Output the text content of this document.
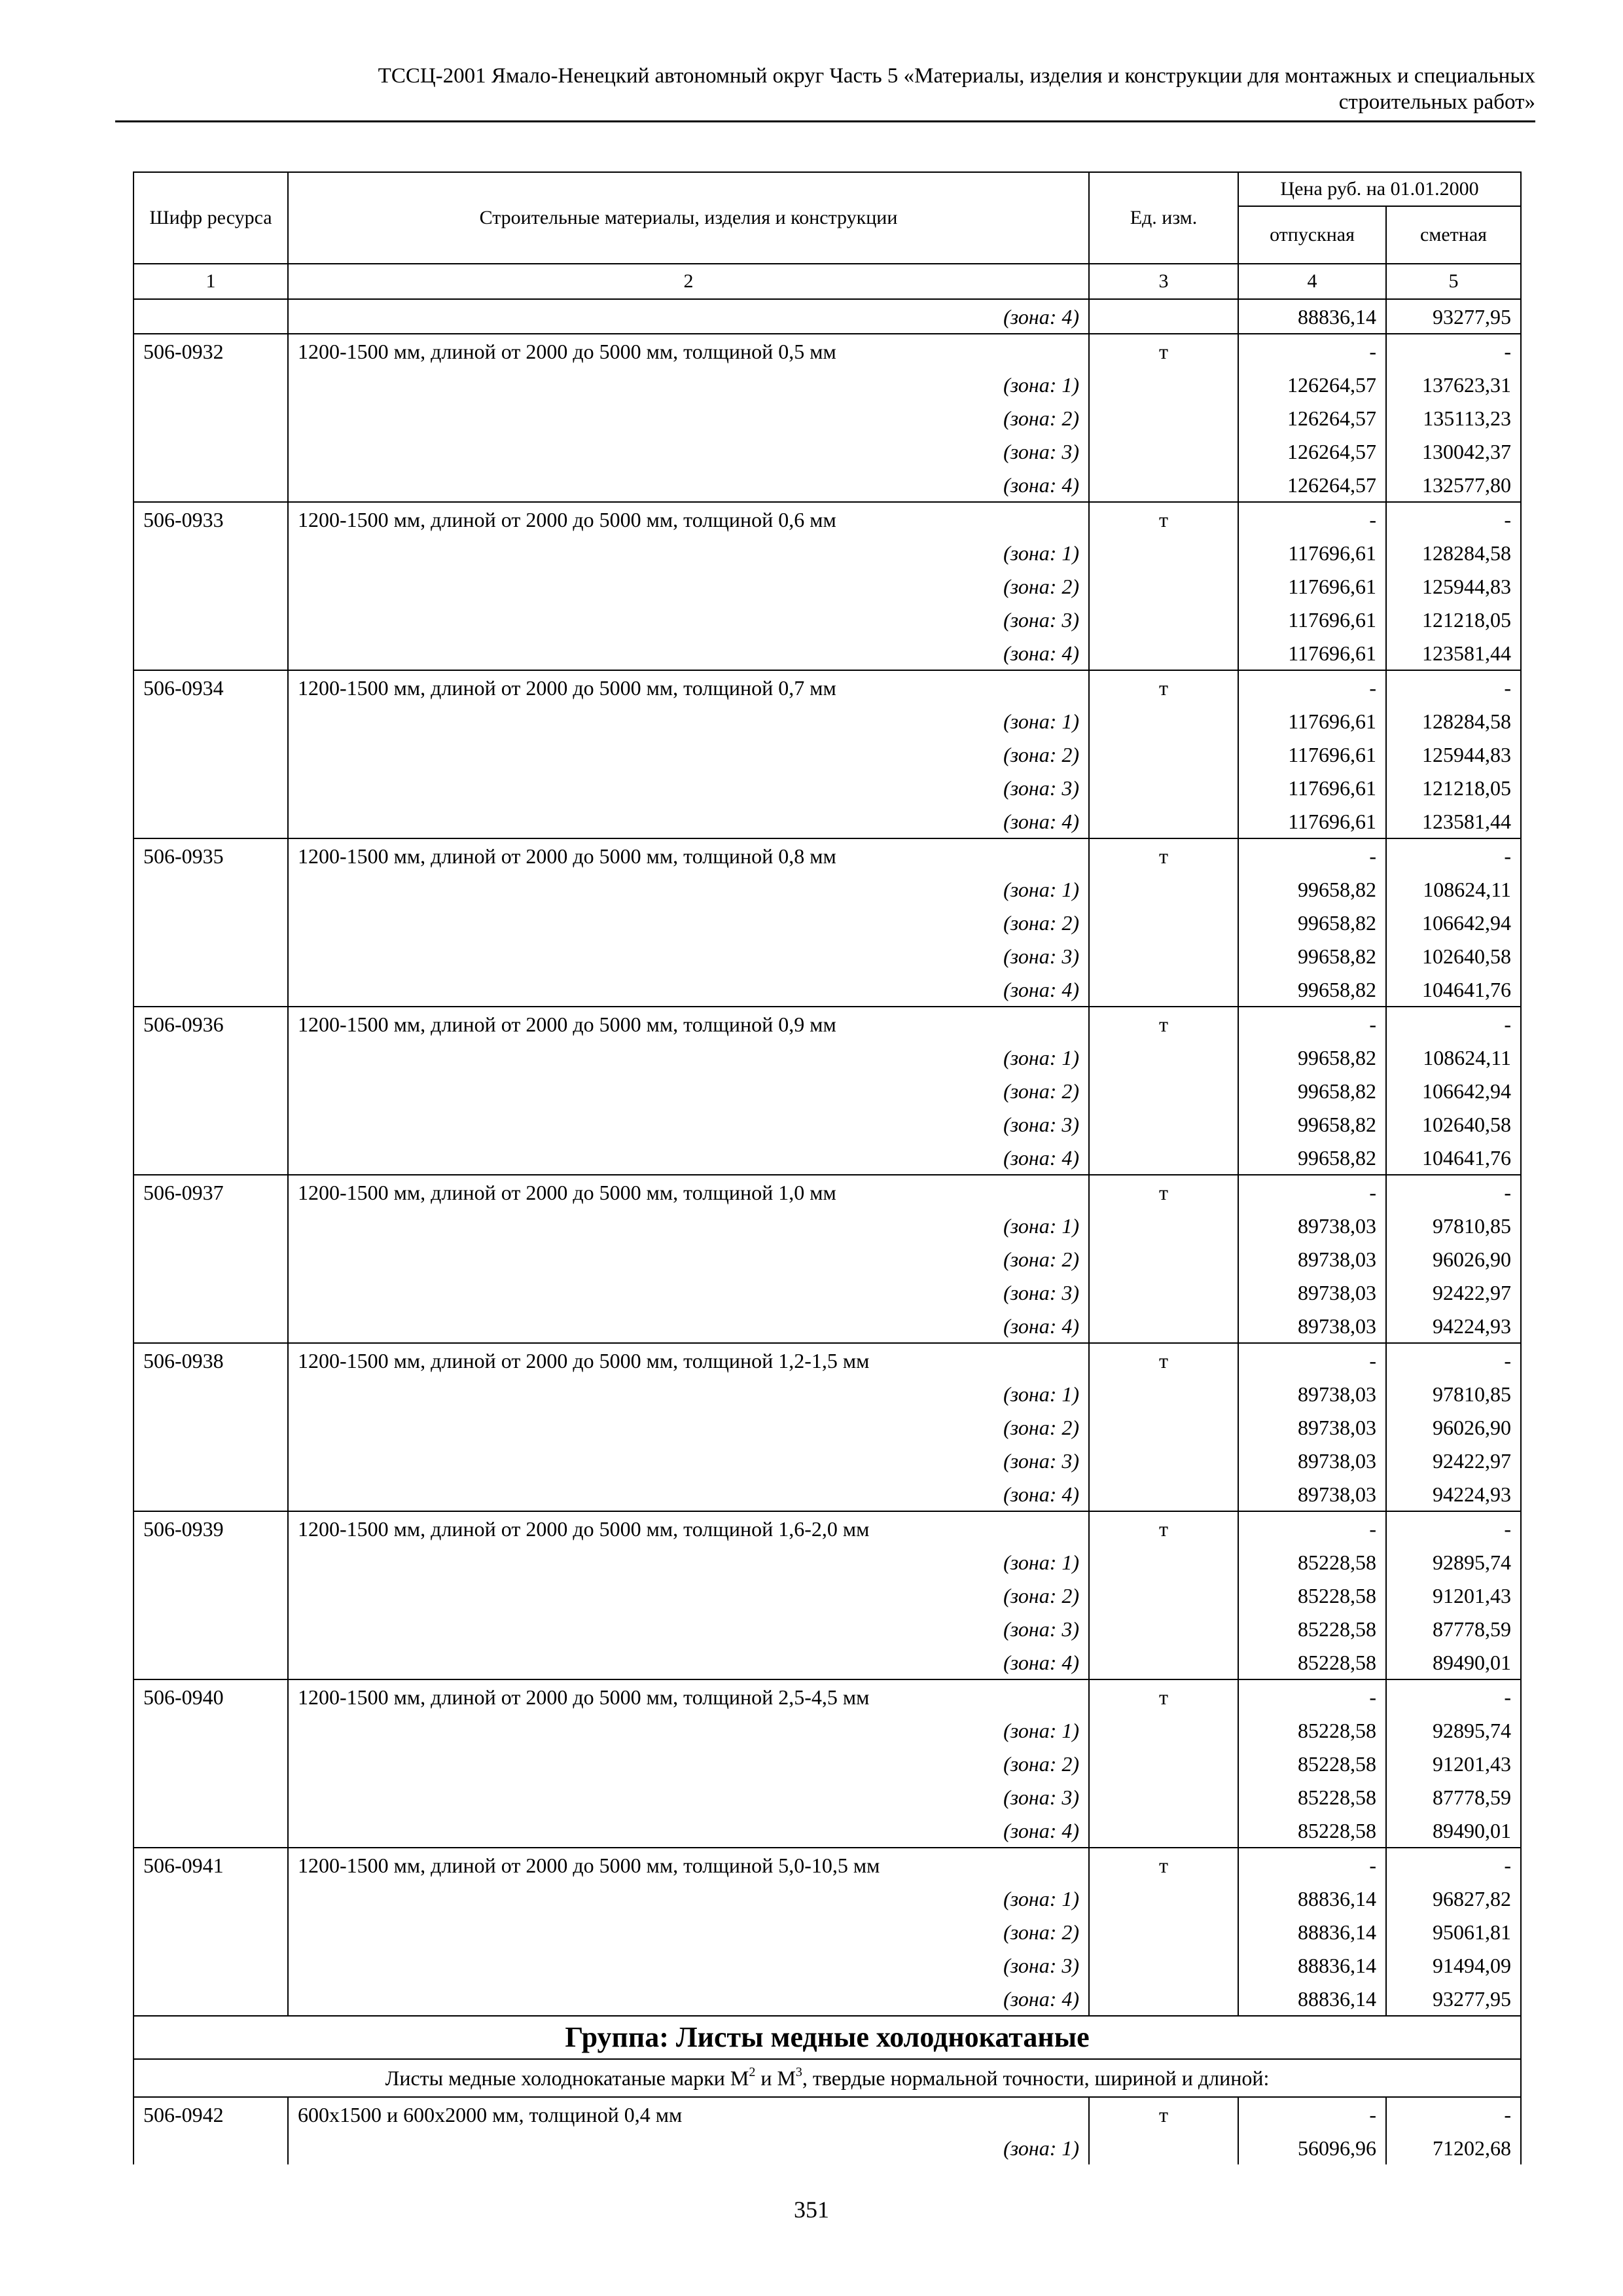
ТССЦ-2001 Ямало-Ненецкий автономный округ Часть 5 «Материалы, изделия и конструкции для монтажных и специальных
строительных работ»
Шифр ресурса	Строительные материалы, изделия и конструкции	Ед. изм.	Цена руб. на 01.01.2000	
			отпускная	сметная
1	2	3	4	5
	(зона: 4)		88836,14	93277,95
506-0932	1200-1500 мм, длиной от 2000 до 5000 мм, толщиной 0,5 мм	т	-	-
	(зона: 1)		126264,57	137623,31
	(зона: 2)		126264,57	135113,23
	(зона: 3)		126264,57	130042,37
	(зона: 4)		126264,57	132577,80
506-0933	1200-1500 мм, длиной от 2000 до 5000 мм, толщиной 0,6 мм	т	-	-
	(зона: 1)		117696,61	128284,58
	(зона: 2)		117696,61	125944,83
	(зона: 3)		117696,61	121218,05
	(зона: 4)		117696,61	123581,44
506-0934	1200-1500 мм, длиной от 2000 до 5000 мм, толщиной 0,7 мм	т	-	-
	(зона: 1)		117696,61	128284,58
	(зона: 2)		117696,61	125944,83
	(зона: 3)		117696,61	121218,05
	(зона: 4)		117696,61	123581,44
506-0935	1200-1500 мм, длиной от 2000 до 5000 мм, толщиной 0,8 мм	т	-	-
	(зона: 1)		99658,82	108624,11
	(зона: 2)		99658,82	106642,94
	(зона: 3)		99658,82	102640,58
	(зона: 4)		99658,82	104641,76
506-0936	1200-1500 мм, длиной от 2000 до 5000 мм, толщиной 0,9 мм	т	-	-
	(зона: 1)		99658,82	108624,11
	(зона: 2)		99658,82	106642,94
	(зона: 3)		99658,82	102640,58
	(зона: 4)		99658,82	104641,76
506-0937	1200-1500 мм, длиной от 2000 до 5000 мм, толщиной 1,0 мм	т	-	-
	(зона: 1)		89738,03	97810,85
	(зона: 2)		89738,03	96026,90
	(зона: 3)		89738,03	92422,97
	(зона: 4)		89738,03	94224,93
506-0938	1200-1500 мм, длиной от 2000 до 5000 мм, толщиной 1,2-1,5 мм	т	-	-
	(зона: 1)		89738,03	97810,85
	(зона: 2)		89738,03	96026,90
	(зона: 3)		89738,03	92422,97
	(зона: 4)		89738,03	94224,93
506-0939	1200-1500 мм, длиной от 2000 до 5000 мм, толщиной 1,6-2,0 мм	т	-	-
	(зона: 1)		85228,58	92895,74
	(зона: 2)		85228,58	91201,43
	(зона: 3)		85228,58	87778,59
	(зона: 4)		85228,58	89490,01
506-0940	1200-1500 мм, длиной от 2000 до 5000 мм, толщиной 2,5-4,5 мм	т	-	-
	(зона: 1)		85228,58	92895,74
	(зона: 2)		85228,58	91201,43
	(зона: 3)		85228,58	87778,59
	(зона: 4)		85228,58	89490,01
506-0941	1200-1500 мм, длиной от 2000 до 5000 мм, толщиной 5,0-10,5 мм	т	-	-
	(зона: 1)		88836,14	96827,82
	(зона: 2)		88836,14	95061,81
	(зона: 3)		88836,14	91494,09
	(зона: 4)		88836,14	93277,95
Группа: Листы медные холоднокатаные				
Листы медные холоднокатаные марки $М^2$ и $М^3$, твердые нормальной точности, шириной и длиной:				
506-0942	600x1500 и 600x2000 мм, толщиной 0,4 мм	т	-	-
	(зона: 1)		56096,96	71202,68
351
